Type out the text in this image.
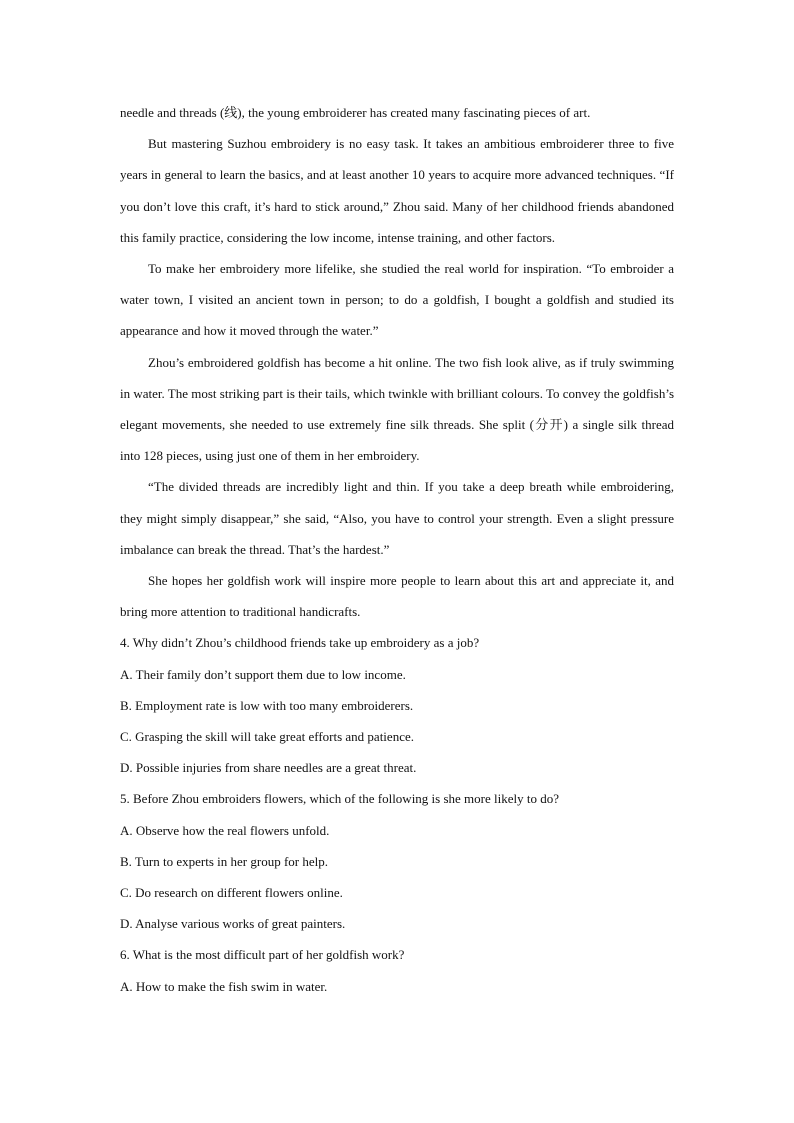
needle and threads (线), the young embroiderer has created many fascinating pieces of art.

But mastering Suzhou embroidery is no easy task. It takes an ambitious embroiderer three to five years in general to learn the basics, and at least another 10 years to acquire more advanced techniques. “If you don’t love this craft, it’s hard to stick around,” Zhou said. Many of her childhood friends abandoned this family practice, considering the low income, intense training, and other factors.

To make her embroidery more lifelike, she studied the real world for inspiration. “To embroider a water town, I visited an ancient town in person; to do a goldfish, I bought a goldfish and studied its appearance and how it moved through the water.”

Zhou’s embroidered goldfish has become a hit online. The two fish look alive, as if truly swimming in water. The most striking part is their tails, which twinkle with brilliant colours. To convey the goldfish’s elegant movements, she needed to use extremely fine silk threads. She split (分开) a single silk thread into 128 pieces, using just one of them in her embroidery.

“The divided threads are incredibly light and thin. If you take a deep breath while embroidering, they might simply disappear,” she said, “Also, you have to control your strength. Even a slight pressure imbalance can break the thread. That’s the hardest.”

She hopes her goldfish work will inspire more people to learn about this art and appreciate it, and bring more attention to traditional handicrafts.

4. Why didn’t Zhou’s childhood friends take up embroidery as a job?

A. Their family don’t support them due to low income.

B. Employment rate is low with too many embroiderers.

C. Grasping the skill will take great efforts and patience.

D. Possible injuries from share needles are a great threat.

5. Before Zhou embroiders flowers, which of the following is she more likely to do?

A. Observe how the real flowers unfold.

B. Turn to experts in her group for help.

C. Do research on different flowers online.

D. Analyse various works of great painters.

6. What is the most difficult part of her goldfish work?

A. How to make the fish swim in water.
